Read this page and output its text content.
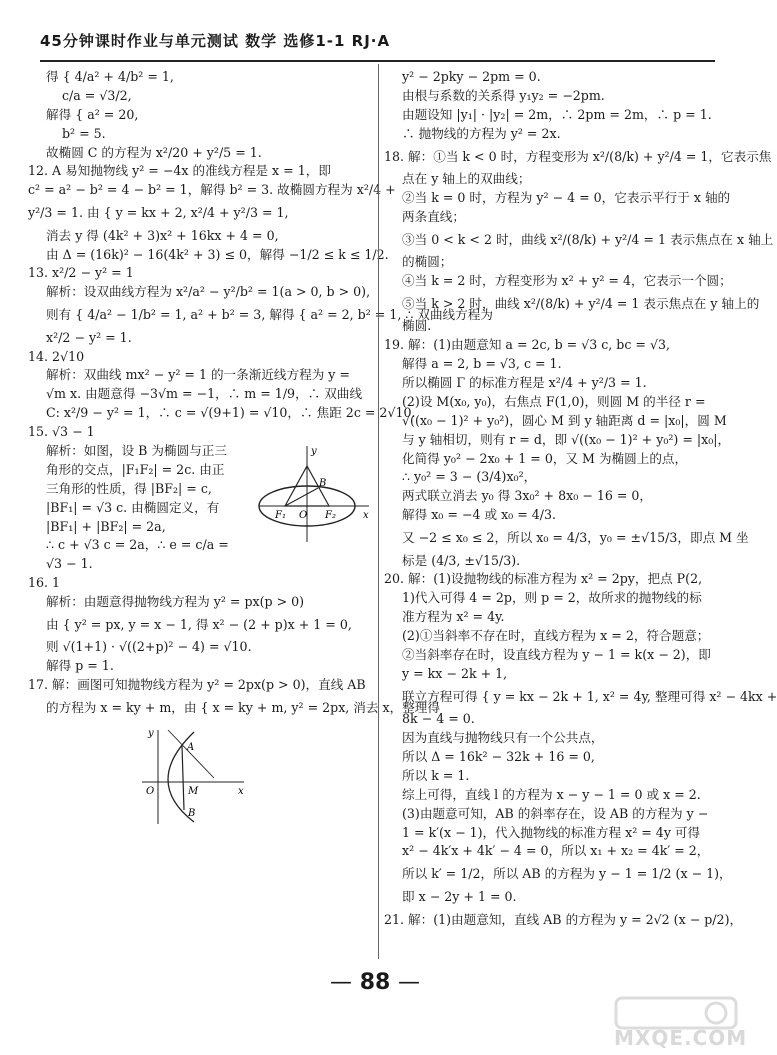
45分钟课时作业与单元测试 数学 选修1-1 RJ·A
得 { 4/a² + 4/b² = 1,
c/a = √3/2,
解得 { a² = 20,
b² = 5.
故椭圆 C 的方程为 x²/20 + y²/5 = 1.
12. A 易知抛物线 y² = −4x 的准线方程是 x = 1，即
c² = a² − b² = 4 − b² = 1，解得 b² = 3. 故椭圆方程为 x²/4 +
y²/3 = 1. 由 { y = kx + 2, x²/4 + y²/3 = 1,
消去 y 得 (4k² + 3)x² + 16kx + 4 = 0,
由 Δ = (16k)² − 16(4k² + 3) ≤ 0，解得 −1/2 ≤ k ≤ 1/2.
13. x²/2 − y² = 1
解析：设双曲线方程为 x²/a² − y²/b² = 1(a > 0, b > 0),
则有 { 4/a² − 1/b² = 1, a² + b² = 3, 解得 { a² = 2, b² = 1, ∴ 双曲线方程为
x²/2 − y² = 1.
14. 2√10
解析：双曲线 mx² − y² = 1 的一条渐近线方程为 y =
√m x. 由题意得 −3√m = −1，∴ m = 1/9，∴ 双曲线
C: x²/9 − y² = 1，∴ c = √(9+1) = √10，∴ 焦距 2c = 2√10.
15. √3 − 1
解析：如图，设 B 为椭圆与正三
角形的交点，|F₁F₂| = 2c. 由正
三角形的性质，得 |BF₂| = c,
|BF₁| = √3 c. 由椭圆定义，有
|BF₁| + |BF₂| = 2a,
∴ c + √3 c = 2a，∴ e = c/a =

y
B
F₁ O F₂	x
√3 − 1.
16. 1
解析：由题意得抛物线方程为 y² = px(p > 0)
由 { y² = px, y = x − 1, 得 x² − (2 + p)x + 1 = 0,
则 √(1+1) · √((2+p)² − 4) = √10.
解得 p = 1.
17. 解：画图可知抛物线方程为 y² = 2px(p > 0)，直线 AB
的方程为 x = ky + m，由 { x = ky + m, y² = 2px, 消去 x，整理得
y
A
O	M
B
x
y² − 2pky − 2pm = 0.
由根与系数的关系得 y₁y₂ = −2pm.
由题设知 |y₁| · |y₂| = 2m，∴ 2pm = 2m，∴ p = 1.
∴ 抛物线的方程为 y² = 2x.
18. 解：①当 k < 0 时，方程变形为 x²/(8/k) + y²/4 = 1，它表示焦
点在 y 轴上的双曲线；
②当 k = 0 时，方程为 y² − 4 = 0，它表示平行于 x 轴的
两条直线；
③当 0 < k < 2 时，曲线 x²/(8/k) + y²/4 = 1 表示焦点在 x 轴上
的椭圆；
④当 k = 2 时，方程变形为 x² + y² = 4，它表示一个圆；
⑤当 k > 2 时，曲线 x²/(8/k) + y²/4 = 1 表示焦点在 y 轴上的
椭圆.
19. 解：(1)由题意知 a = 2c, b = √3 c, bc = √3,
解得 a = 2, b = √3, c = 1.
所以椭圆 Γ 的标准方程是 x²/4 + y²/3 = 1.
(2)设 M(x₀, y₀)，右焦点 F(1,0)，则圆 M 的半径 r =
√((x₀ − 1)² + y₀²)，圆心 M 到 y 轴距离 d = |x₀|，圆 M
与 y 轴相切，则有 r = d，即 √((x₀ − 1)² + y₀²) = |x₀|，
化简得 y₀² − 2x₀ + 1 = 0，又 M 为椭圆上的点，
∴ y₀² = 3 − (3/4)x₀²，
两式联立消去 y₀ 得 3x₀² + 8x₀ − 16 = 0，
解得 x₀ = −4 或 x₀ = 4/3.
又 −2 ≤ x₀ ≤ 2，所以 x₀ = 4/3，y₀ = ±√15/3，即点 M 坐
标是 (4/3, ±√15/3).
20. 解：(1)设抛物线的标准方程为 x² = 2py，把点 P(2,
1)代入可得 4 = 2p，则 p = 2，故所求的抛物线的标
准方程为 x² = 4y.
(2)①当斜率不存在时，直线方程为 x = 2，符合题意；
②当斜率存在时，设直线方程为 y − 1 = k(x − 2)，即
y = kx − 2k + 1,
联立方程可得 { y = kx − 2k + 1, x² = 4y, 整理可得 x² − 4kx +
8k − 4 = 0.
因为直线与抛物线只有一个公共点，
所以 Δ = 16k² − 32k + 16 = 0,
所以 k = 1.
综上可得，直线 l 的方程为 x − y − 1 = 0 或 x = 2.
(3)由题意可知，AB 的斜率存在，设 AB 的方程为 y −
1 = k′(x − 1)，代入抛物线的标准方程 x² = 4y 可得
x² − 4k′x + 4k′ − 4 = 0，所以 x₁ + x₂ = 4k′ = 2，
所以 k′ = 1/2，所以 AB 的方程为 y − 1 = 1/2 (x − 1)，
即 x − 2y + 1 = 0.
21. 解：(1)由题意知，直线 AB 的方程为 y = 2√2 (x − p/2)，
— 88 —
MXQE.COM
